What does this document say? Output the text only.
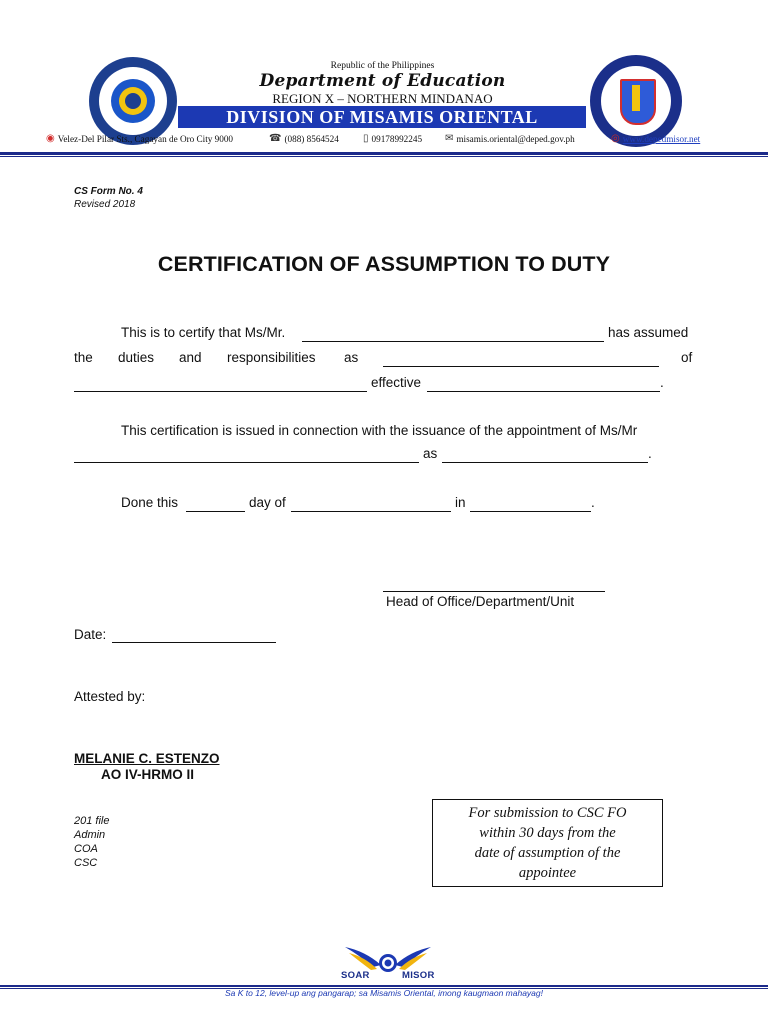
Republic of the Philippines
Department of Education
REGION X – NORTHERN MINDANAO
DIVISION OF MISAMIS ORIENTAL
◉ Velez-Del Pilar Sts., Cagayan de Oro City 9000	☎ (088) 8564524 ▯ 09178992245 ✉ misamis.oriental@deped.gov.ph	◎ www.depedmisor.net
CS Form No. 4
Revised 2018
CERTIFICATION OF ASSUMPTION TO DUTY
This is to certify that Ms/Mr.	has assumed
the duties and responsibilities as	of
effective	.
This certification is issued in connection with the issuance of the appointment of Ms/Mr
as	.
Done this	day of	in	.
Head of Office/Department/Unit
Date:
Attested by:
MELANIE C. ESTENZO
AO IV-HRMO II
201 file
Admin
COA
CSC
For submission to CSC FO
within 30 days from the
date of assumption of the
appointee
SOAR	MISOR
Sa K to 12, level-up ang pangarap; sa Misamis Oriental, imong kaugmaon mahayag!
